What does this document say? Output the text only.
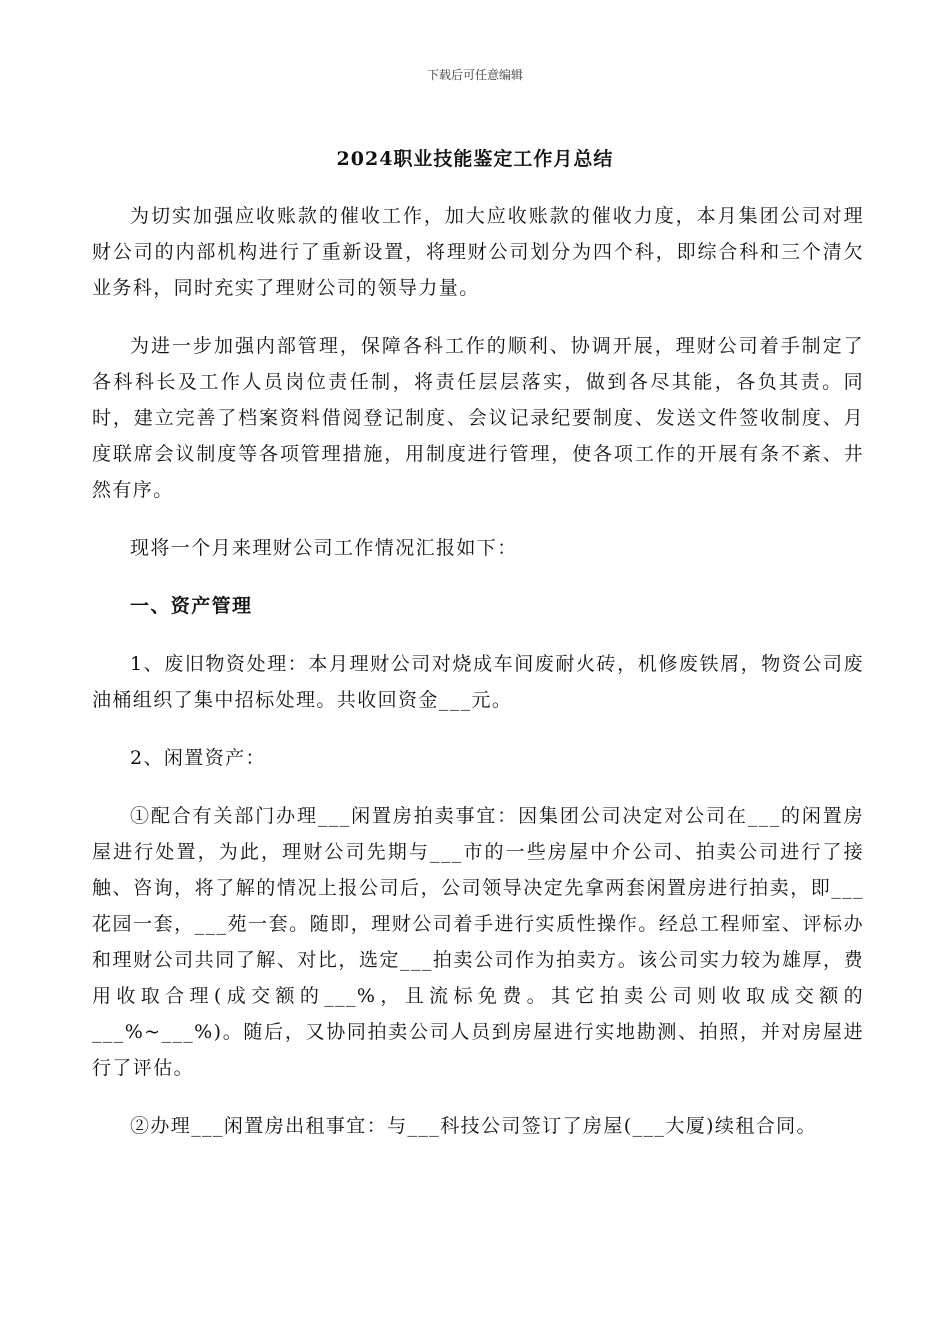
下载后可任意编辑
2024职业技能鉴定工作月总结

为切实加强应收账款的催收工作，加大应收账款的催收力度，本月集团公司对理财公司的内部机构进行了重新设置，将理财公司划分为四个科，即综合科和三个清欠业务科，同时充实了理财公司的领导力量。

为进一步加强内部管理，保障各科工作的顺利、协调开展，理财公司着手制定了各科科长及工作人员岗位责任制，将责任层层落实，做到各尽其能，各负其责。同时，建立完善了档案资料借阅登记制度、会议记录纪要制度、发送文件签收制度、月度联席会议制度等各项管理措施，用制度进行管理，使各项工作的开展有条不紊、井然有序。

现将一个月来理财公司工作情况汇报如下：

一、资产管理

1、废旧物资处理：本月理财公司对烧成车间废耐火砖，机修废铁屑，物资公司废油桶组织了集中招标处理。共收回资金___元。

2、闲置资产：

①配合有关部门办理___闲置房拍卖事宜：因集团公司决定对公司在___的闲置房屋进行处置，为此，理财公司先期与___市的一些房屋中介公司、拍卖公司进行了接触、咨询，将了解的情况上报公司后，公司领导决定先拿两套闲置房进行拍卖，即___花园一套，___苑一套。随即，理财公司着手进行实质性操作。经总工程师室、评标办和理财公司共同了解、对比，选定___拍卖公司作为拍卖方。该公司实力较为雄厚，费用收取合理(成交额的___%，且流标免费。其它拍卖公司则收取成交额的___%~___%)。随后，又协同拍卖公司人员到房屋进行实地勘测、拍照，并对房屋进行了评估。

②办理___闲置房出租事宜：与___科技公司签订了房屋(___大厦)续租合同。
